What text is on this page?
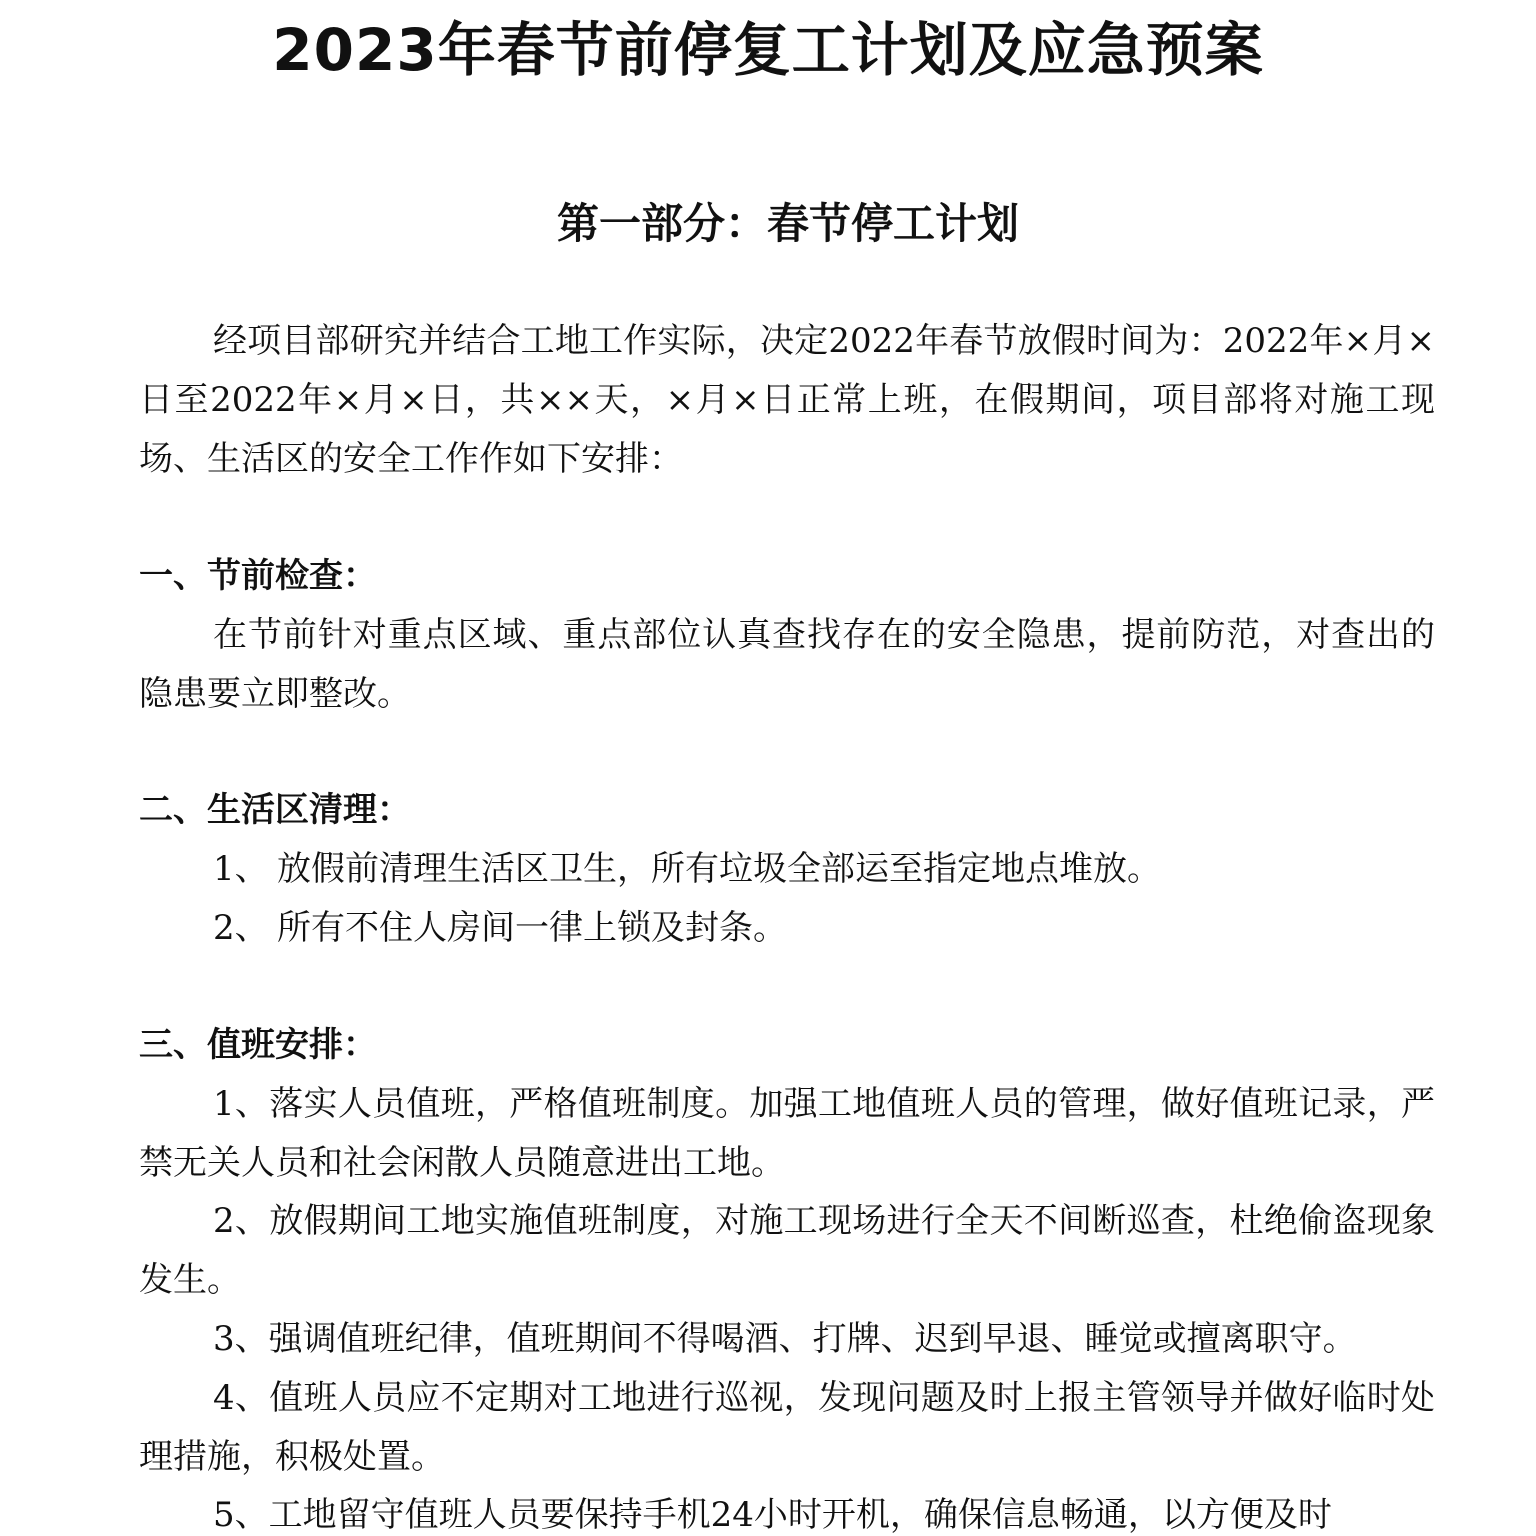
2023年春节前停复工计划及应急预案
第一部分：春节停工计划

经项目部研究并结合工地工作实际，决定2022年春节放假时间为：2022年×月×日至2022年×月×日，共××天，×月×日正常上班，在假期间，项目部将对施工现场、生活区的安全工作作如下安排：

一、节前检查：

在节前针对重点区域、重点部位认真查找存在的安全隐患，提前防范，对查出的隐患要立即整改。

二、生活区清理：

1、 放假前清理生活区卫生，所有垃圾全部运至指定地点堆放。

2、 所有不住人房间一律上锁及封条。

三、值班安排：

1、落实人员值班，严格值班制度。加强工地值班人员的管理，做好值班记录，严禁无关人员和社会闲散人员随意进出工地。

2、放假期间工地实施值班制度，对施工现场进行全天不间断巡查，杜绝偷盗现象发生。

3、强调值班纪律，值班期间不得喝酒、打牌、迟到早退、睡觉或擅离职守。

4、值班人员应不定期对工地进行巡视，发现问题及时上报主管领导并做好临时处理措施，积极处置。

5、工地留守值班人员要保持手机24小时开机，确保信息畅通，以方便及时
